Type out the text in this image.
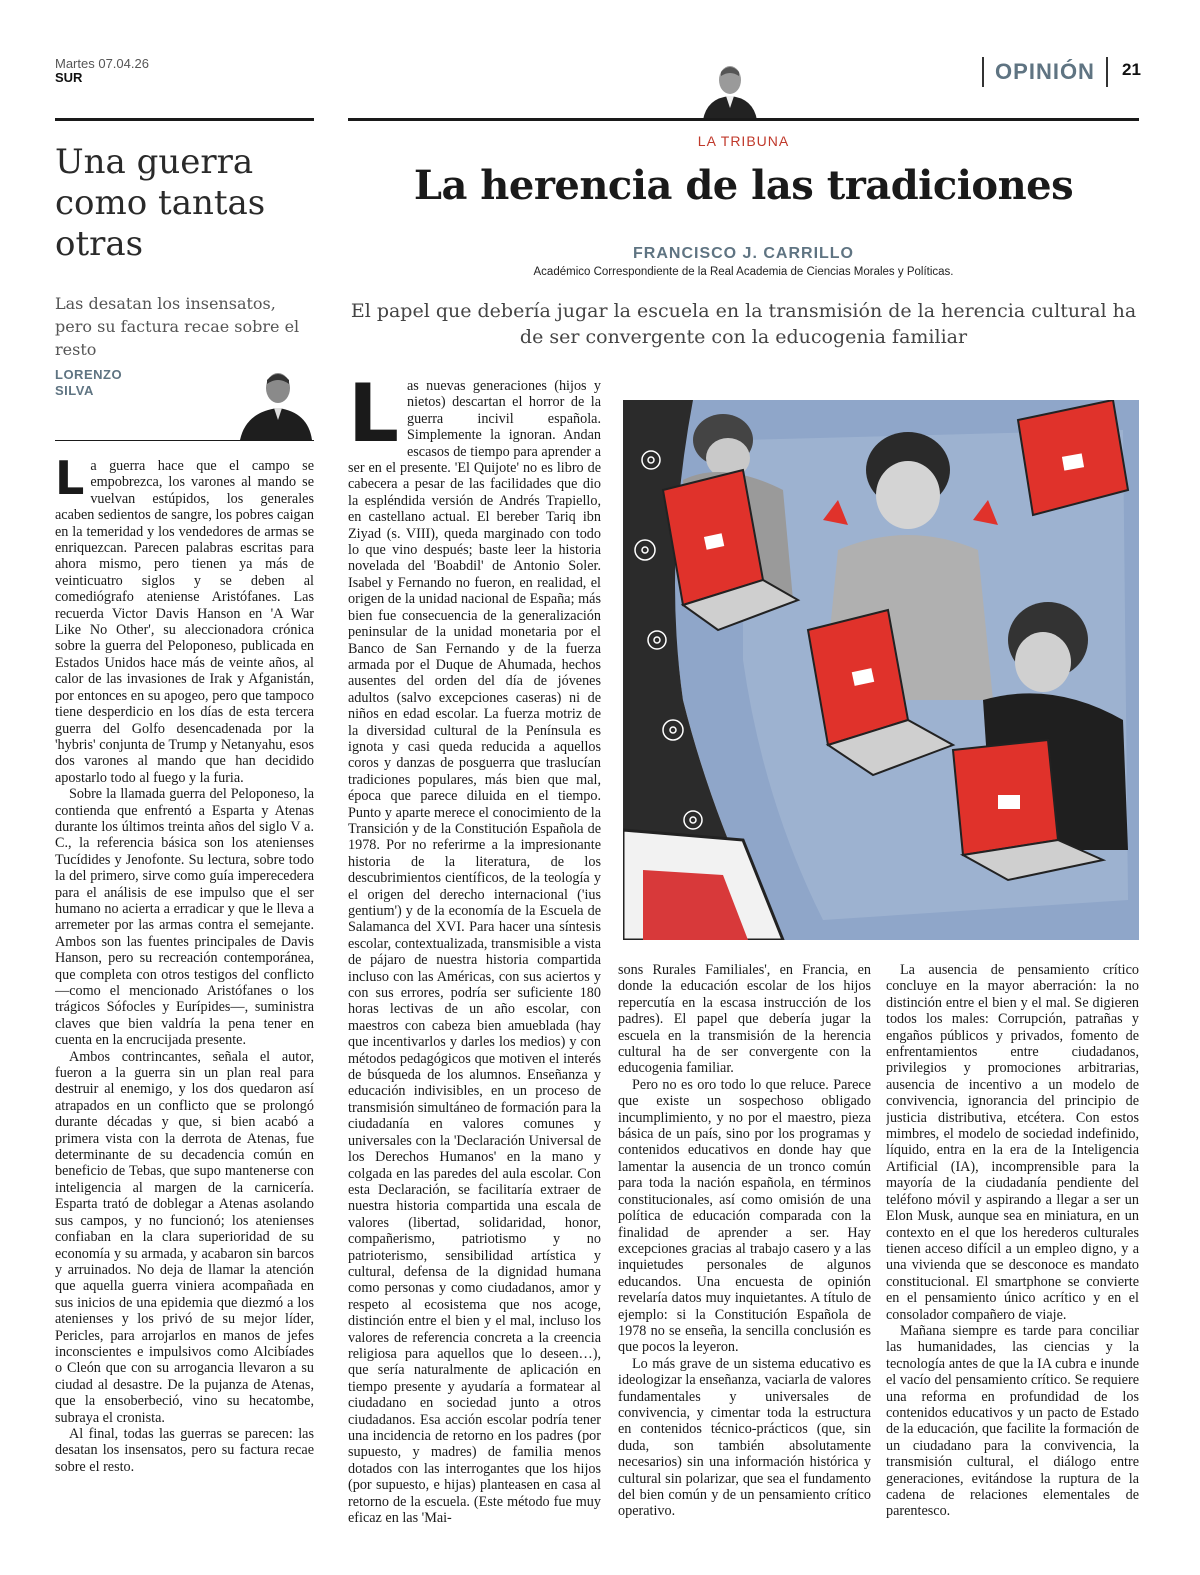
Martes 07.04.26
SUR	OPINIÓN	21
Una guerra como tantas otras
Las desatan los insensatos, pero su factura recae sobre el resto
LORENZO
SILVA
L a guerra hace que el campo se empobrezca, los varones al mando se vuelvan estúpidos, los generales acaben sedientos de sangre, los pobres caigan en la temeridad y los vendedores de armas se enriquezcan. Parecen palabras escritas para ahora mismo, pero tienen ya más de veinticuatro siglos y se deben al comediógrafo ateniense Aristófanes. Las recuerda Victor Davis Hanson en 'A War Like No Other', su aleccionadora crónica sobre la guerra del Peloponeso, publicada en Estados Unidos hace más de veinte años, al calor de las invasiones de Irak y Afganistán, por entonces en su apogeo, pero que tampoco tiene desperdicio en los días de esta tercera guerra del Golfo desencadenada por la 'hybris' conjunta de Trump y Netanyahu, esos dos varones al mando que han decidido apostarlo todo al fuego y la furia.

Sobre la llamada guerra del Peloponeso, la contienda que enfrentó a Esparta y Atenas durante los últimos treinta años del siglo V a. C., la referencia básica son los atenienses Tucídides y Jenofonte. Su lectura, sobre todo la del primero, sirve como guía imperecedera para el análisis de ese impulso que el ser humano no acierta a erradicar y que le lleva a arremeter por las armas contra el semejante. Ambos son las fuentes principales de Davis Hanson, pero su recreación contemporánea, que completa con otros testigos del conflicto —como el mencionado Aristófanes o los trágicos Sófocles y Eurípides—, suministra claves que bien valdría la pena tener en cuenta en la encrucijada presente.

Ambos contrincantes, señala el autor, fueron a la guerra sin un plan real para destruir al enemigo, y los dos quedaron así atrapados en un conflicto que se prolongó durante décadas y que, si bien acabó a primera vista con la derrota de Atenas, fue determinante de su decadencia común en beneficio de Tebas, que supo mantenerse con inteligencia al margen de la carnicería. Esparta trató de doblegar a Atenas asolando sus campos, y no funcionó; los atenienses confiaban en la clara superioridad de su economía y su armada, y acabaron sin barcos y arruinados. No deja de llamar la atención que aquella guerra viniera acompañada en sus inicios de una epidemia que diezmó a los atenienses y los privó de su mejor líder, Pericles, para arrojarlos en manos de jefes inconscientes e impulsivos como Alcibíades o Cleón que con su arrogancia llevaron a su ciudad al desastre. De la pujanza de Atenas, que la ensoberbeció, vino su hecatombe, subraya el cronista.

Al final, todas las guerras se parecen: las desatan los insensatos, pero su factura recae sobre el resto.

LA TRIBUNA
La herencia de las tradiciones
FRANCISCO J. CARRILLO
Académico Correspondiente de la Real Academia de Ciencias Morales y Políticas.
El papel que debería jugar la escuela en la transmisión de la herencia cultural ha de ser convergente con la educogenia familiar
L as nuevas generaciones (hijos y nietos) descartan el horror de la guerra incivil española. Simplemente la ignoran. Andan escasos de tiempo para aprender a ser en el presente. 'El Quijote' no es libro de cabecera a pesar de las facilidades que dio la espléndida versión de Andrés Trapiello, en castellano actual. El bereber Tariq ibn Ziyad (s. VIII), queda marginado con todo lo que vino después; baste leer la historia novelada del 'Boabdil' de Antonio Soler. Isabel y Fernando no fueron, en realidad, el origen de la unidad nacional de España; más bien fue consecuencia de la generalización peninsular de la unidad monetaria por el Banco de San Fernando y de la fuerza armada por el Duque de Ahumada, hechos ausentes del orden del día de jóvenes adultos (salvo excepciones caseras) ni de niños en edad escolar. La fuerza motriz de la diversidad cultural de la Península es ignota y casi queda reducida a aquellos coros y danzas de posguerra que traslucían tradiciones populares, más bien que mal, época que parece diluida en el tiempo. Punto y aparte merece el conocimiento de la Transición y de la Constitución Española de 1978. Por no referirme a la impresionante historia de la literatura, de los descubrimientos científicos, de la teología y el origen del derecho internacional ('ius gentium') y de la economía de la Escuela de Salamanca del XVI. Para hacer una síntesis escolar, contextualizada, transmisible a vista de pájaro de nuestra historia compartida incluso con las Américas, con sus aciertos y con sus errores, podría ser suficiente 180 horas lectivas de un año escolar, con maestros con cabeza bien amueblada (hay que incentivarlos y darles los medios) y con métodos pedagógicos que motiven el interés de búsqueda de los alumnos. Enseñanza y educación indivisibles, en un proceso de transmisión simultáneo de formación para la ciudadanía en valores comunes y universales con la 'Declaración Universal de los Derechos Humanos' en la mano y colgada en las paredes del aula escolar. Con esta Declaración, se facilitaría extraer de nuestra historia compartida una escala de valores (libertad, solidaridad, honor, compañerismo, patriotismo y no patrioterismo, sensibilidad artística y cultural, defensa de la dignidad humana como personas y como ciudadanos, amor y respeto al ecosistema que nos acoge, distinción entre el bien y el mal, incluso los valores de referencia concreta a la creencia religiosa para aquellos que lo deseen…), que sería naturalmente de aplicación en tiempo presente y ayudaría a formatear al ciudadano en sociedad junto a otros ciudadanos. Esa acción escolar podría tener una incidencia de retorno en los padres (por supuesto, y madres) de familia menos dotados con las interrogantes que los hijos (por supuesto, e hijas) planteasen en casa al retorno de la escuela. (Este método fue muy eficaz en las 'Mai-

sons Rurales Familiales', en Francia, en donde la educación escolar de los hijos repercutía en la escasa instrucción de los padres). El papel que debería jugar la escuela en la transmisión de la herencia cultural ha de ser convergente con la educogenia familiar.

Pero no es oro todo lo que reluce. Parece que existe un sospechoso obligado incumplimiento, y no por el maestro, pieza básica de un país, sino por los programas y contenidos educativos en donde hay que lamentar la ausencia de un tronco común para toda la nación española, en términos constitucionales, así como omisión de una política de educación comparada con la finalidad de aprender a ser. Hay excepciones gracias al trabajo casero y a las inquietudes personales de algunos educandos. Una encuesta de opinión revelaría datos muy inquietantes. A título de ejemplo: si la Constitución Española de 1978 no se enseña, la sencilla conclusión es que pocos la leyeron.

Lo más grave de un sistema educativo es ideologizar la enseñanza, vaciarla de valores fundamentales y universales de convivencia, y cimentar toda la estructura en contenidos técnico-prácticos (que, sin duda, son también absolutamente necesarios) sin una información histórica y cultural sin polarizar, que sea el fundamento del bien común y de un pensamiento crítico operativo.

La ausencia de pensamiento crítico concluye en la mayor aberración: la no distinción entre el bien y el mal. Se digieren todos los males: Corrupción, patrañas y engaños públicos y privados, fomento de enfrentamientos entre ciudadanos, privilegios y promociones arbitrarias, ausencia de incentivo a un modelo de convivencia, ignorancia del principio de justicia distributiva, etcétera. Con estos mimbres, el modelo de sociedad indefinido, líquido, entra en la era de la Inteligencia Artificial (IA), incomprensible para la mayoría de la ciudadanía pendiente del teléfono móvil y aspirando a llegar a ser un Elon Musk, aunque sea en miniatura, en un contexto en el que los herederos culturales tienen acceso difícil a un empleo digno, y a una vivienda que se desconoce es mandato constitucional. El smartphone se convierte en el pensamiento único acrítico y en el consolador compañero de viaje.

Mañana siempre es tarde para conciliar las humanidades, las ciencias y la tecnología antes de que la IA cubra e inunde el vacío del pensamiento crítico. Se requiere una reforma en profundidad de los contenidos educativos y un pacto de Estado de la educación, que facilite la formación de un ciudadano para la convivencia, la transmisión cultural, el diálogo entre generaciones, evitándose la ruptura de la cadena de relaciones elementales de parentesco.
